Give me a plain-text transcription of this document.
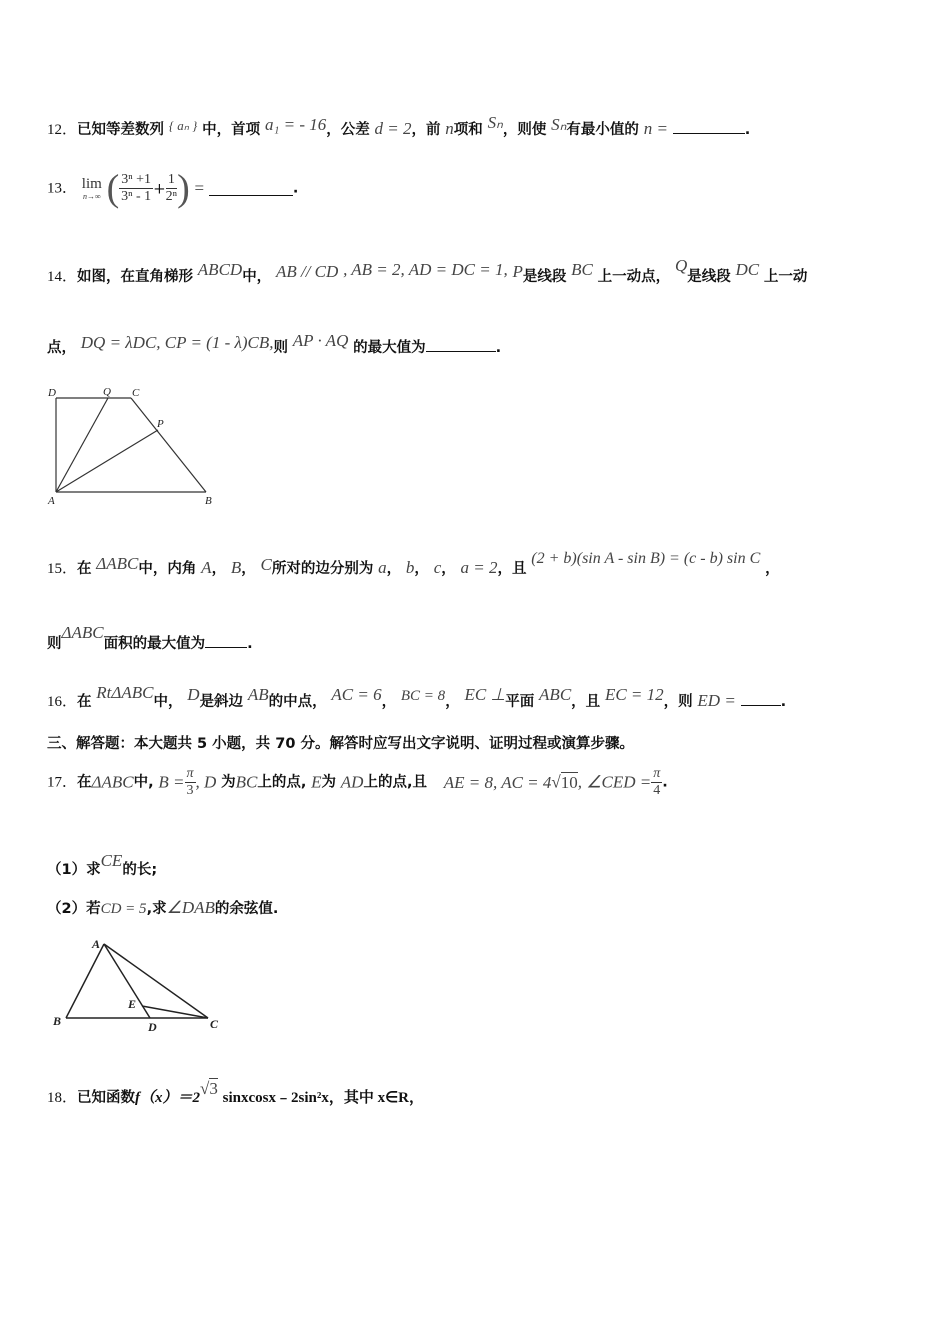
12．已知等差数列 { aₙ } 中，首项 a₁ = - 16，公差 d = 2，前 n项和 Sₙ，则使 Sₙ有最小值的 n =	.
13． lim
n→∞ ( $\frac{\text{3ⁿ +1}}{\text{3ⁿ - 1}} + \frac{1}{\text{2ⁿ}}$ ) =	.
14．如图，在直角梯形 ABCD中， AB // CD , AB = 2, AD = DC = 1, P是线段 BC 上一动点， Q是线段 DC 上一动
点， DQ = λDC, CP = (1 - λ)CB,则 AP · AQ 的最大值为	.
D	Q C
P
A	B
15．在 ΔABC中，内角 A， B， C所对的边分别为 a， b， c， a = 2，且 (2 + b)(sin A - sin B) = (c - b) sin C ，
则ΔABC面积的最大值为	.
16．在 RtΔABC中， D是斜边 AB的中点， AC = 6， BC = 8， EC ⊥平面 ABC，且 EC = 12，则 ED =	.
三、解答题：本大题共 5 小题，共 70 分。解答时应写出文字说明、证明过程或演算步骤。
17．在ΔABC中, $B = \frac{\pi}{3}$ , D 为BC上的点, E为 AD上的点,且 AE = 8, AC = 4√10, ∠CED = $\frac{\pi}{4}$ .
（1）求CE的长;
（2）若CD = 5,求∠DAB的余弦值.
A
B
E
D	C
18．已知函数f（x）＝2√3 sinxcosx﹣2sin²x，其中 x∈R，
